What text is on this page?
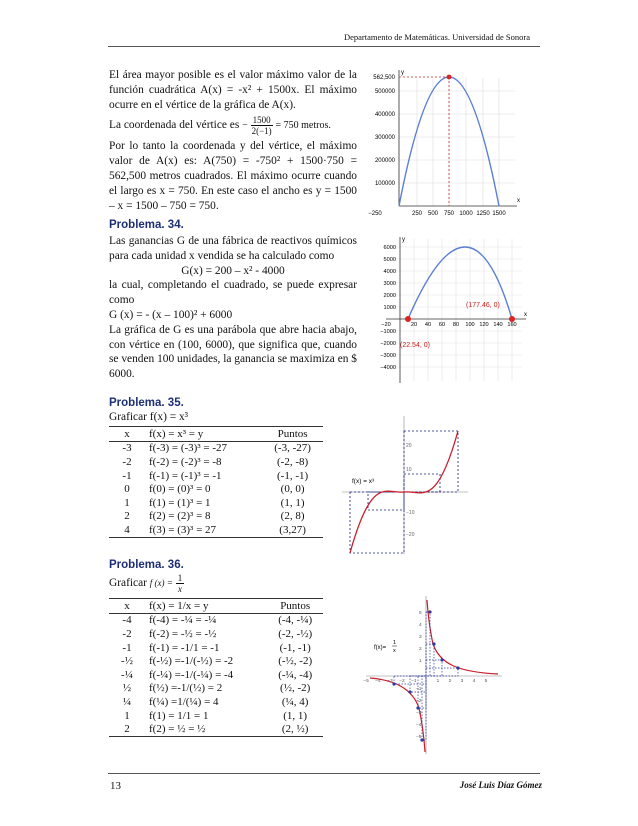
Departamento de Matemáticas. Universidad de Sonora

El área mayor posible es el valor máximo valor de la función cuadrática A(x) = -x² + 1500x. El máximo ocurre en el vértice de la gráfica de A(x).

La coordenada del vértice es − $\frac{1500}{2(-1)} = 750$ metros.

Por lo tanto la coordenada y del vértice, el máximo valor de A(x) es: A(750) = -750² + 1500·750 = 562,500 metros cuadrados. El máximo ocurre cuando el largo es x = 750. En este caso el ancho es y = 1500 – x = 1500 – 750 = 750.	x
y
562,500
500000
400000
300000
200000
100000
−250	250 500 750 1000 1250 1500
Problema. 34.

Las ganancias G de una fábrica de reactivos químicos para cada unidad x vendida se ha calculado como

G(x) = 200 – x² - 4000

la cual, completando el cuadrado, se puede expresar como

G (x) = - (x – 100)² + 6000

La gráfica de G es una parábola que abre hacia abajo, con vértice en (100, 6000), que significa que, cuando se venden 100 unidades, la ganancia se maximiza en $ 6000.

x
y
(22.54, 0)
(177.46, 0)
6000
5000
4000
3000
2000
1000
−1000
−2000
−3000
−4000
−20	20 40 60 80 100 120 140 160
Problema. 35.
Graficar f(x) = x³
x	f(x) = x³ = y	Puntos
-3	f(-3) = (-3)³ = -27	(-3, -27)
-2	f(-2) = (-2)³ = -8	(-2, -8)
-1	f(-1) = (-1)³ = -1	(-1, -1)
0	f(0) = (0)³ = 0	(0, 0)
1	f(1) = (1)³ = 1	(1, 1)
2	f(2) = (2)³ = 8	(2, 8)
4	f(3) = (3)³ = 27	(3,27)
f(x) = x³
20
10
−10
−20
Problema. 36.
Graficar f $(x) = \frac{1}{x}$
x	f(x) = 1/x = y	Puntos
-4	f(-4) = -¼ = -¼	(-4, -¼)
-2	f(-2) = -½ = -½	(-2, -½)
-1	f(-1) = -1/1 = -1	(-1, -1)
-½	f(-½) =-1/(-½) = -2	(-½, -2)
-¼	f(-¼) =-1/(-¼) = -4	(-¼, -4)
½	f(½) =-1/(½) = 2	(½, -2)
¼	f(¼) =1/(¼) = 4	(¼, 4)
1	f(1) = 1/1 = 1	(1, 1)
2	f(2) = ½ = ½	(2, ½)
f(x)=
1
x
−5 −4 −3 −2 −1	1 2 3 4 5
5
4
3
2
1
−1
−2
−3
−4
−5
13	José Luis Díaz Gómez
